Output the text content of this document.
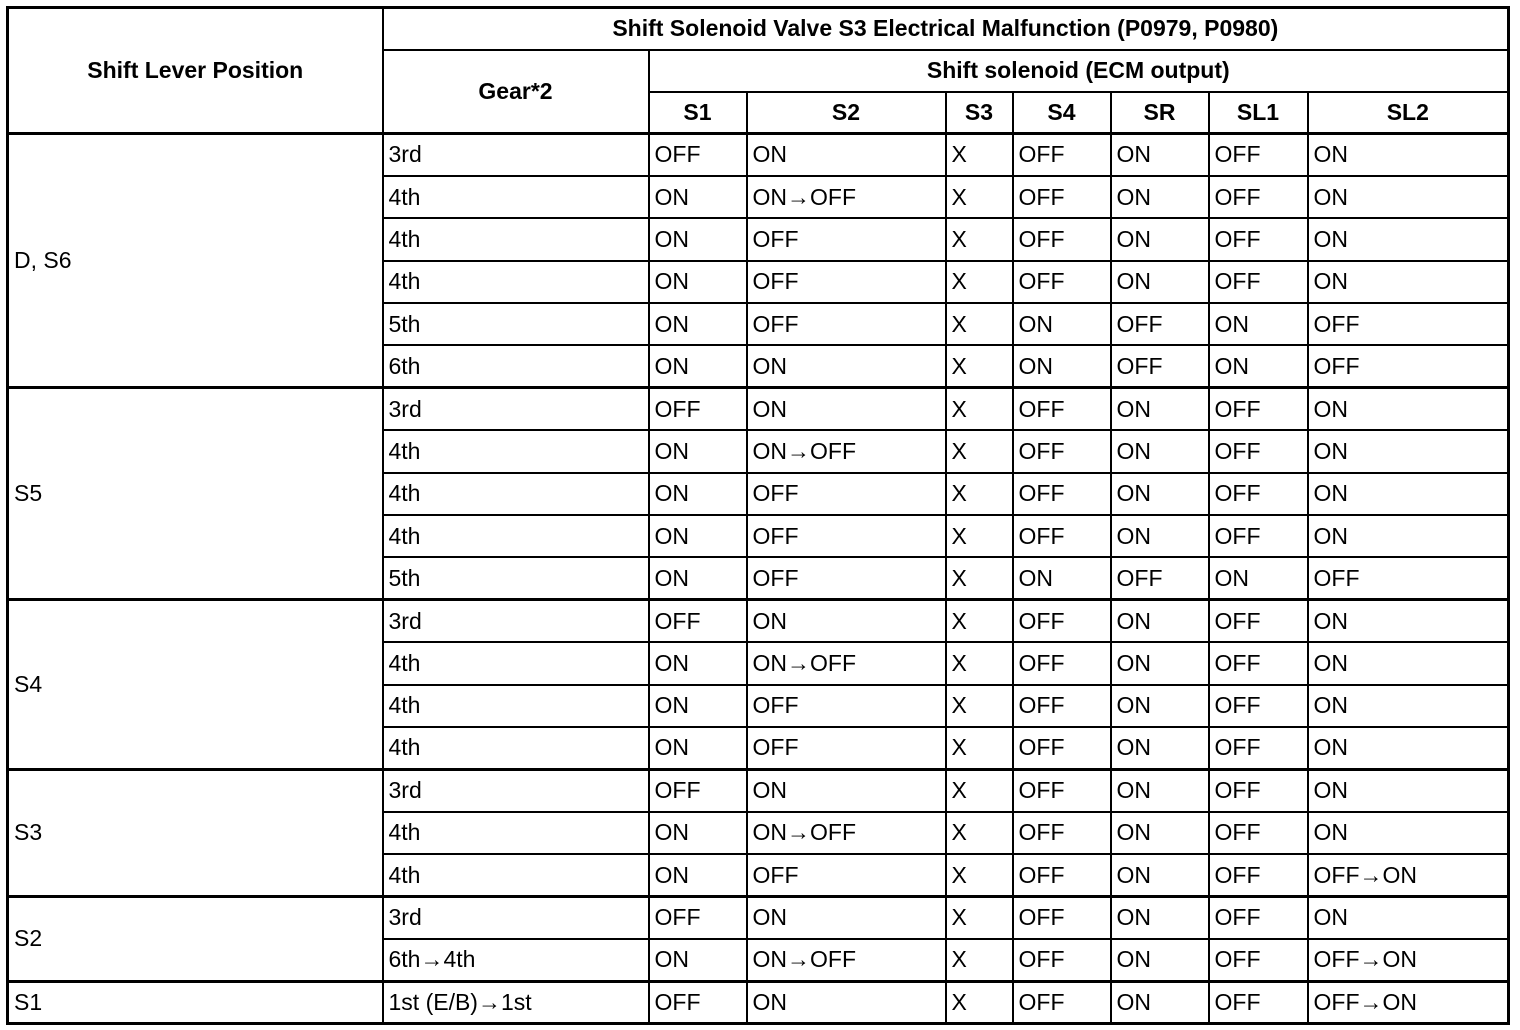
Shift Lever Position	Shift Solenoid Valve S3 Electrical Malfunction (P0979, P0980)							
	Gear*2	Shift solenoid (ECM output)						
		S1	S2	S3	S4	SR	SL1	SL2
D, S6	3rd	OFF	ON	X	OFF	ON	OFF	ON
	4th	ON	ON→OFF	X	OFF	ON	OFF	ON
	4th	ON	OFF	X	OFF	ON	OFF	ON
	4th	ON	OFF	X	OFF	ON	OFF	ON
	5th	ON	OFF	X	ON	OFF	ON	OFF
	6th	ON	ON	X	ON	OFF	ON	OFF
S5	3rd	OFF	ON	X	OFF	ON	OFF	ON
	4th	ON	ON→OFF	X	OFF	ON	OFF	ON
	4th	ON	OFF	X	OFF	ON	OFF	ON
	4th	ON	OFF	X	OFF	ON	OFF	ON
	5th	ON	OFF	X	ON	OFF	ON	OFF
S4	3rd	OFF	ON	X	OFF	ON	OFF	ON
	4th	ON	ON→OFF	X	OFF	ON	OFF	ON
	4th	ON	OFF	X	OFF	ON	OFF	ON
	4th	ON	OFF	X	OFF	ON	OFF	ON
S3	3rd	OFF	ON	X	OFF	ON	OFF	ON
	4th	ON	ON→OFF	X	OFF	ON	OFF	ON
	4th	ON	OFF	X	OFF	ON	OFF	OFF→ON
S2	3rd	OFF	ON	X	OFF	ON	OFF	ON
	6th→4th	ON	ON→OFF	X	OFF	ON	OFF	OFF→ON
S1	1st (E/B)→1st	OFF	ON	X	OFF	ON	OFF	OFF→ON
